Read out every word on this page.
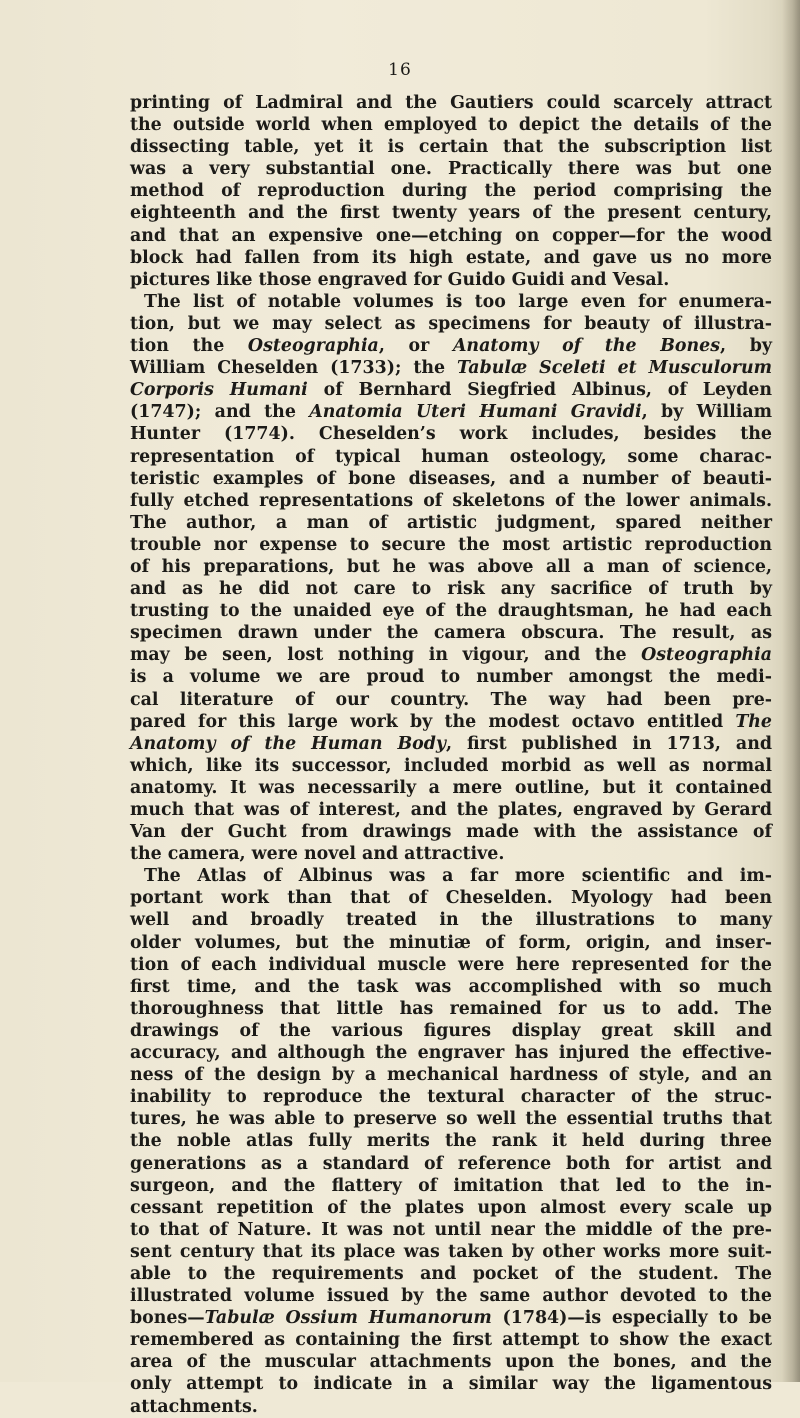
16
printing of Ladmiral and the Gautiers could scarcely attract
the outside world when employed to depict the details of the
dissecting table, yet it is certain that the subscription list
was a very substantial one. Practically there was but one
method of reproduction during the period comprising the
eighteenth and the first twenty years of the present century,
and that an expensive one—etching on copper—for the wood
block had fallen from its high estate, and gave us no more
pictures like those engraved for Guido Guidi and Vesal.
The list of notable volumes is too large even for enumera-
tion, but we may select as specimens for beauty of illustra-
tion the Osteographia, or Anatomy of the Bones, by
William Cheselden (1733); the Tabulæ Sceleti et Musculorum
Corporis Humani of Bernhard Siegfried Albinus, of Leyden
(1747); and the Anatomia Uteri Humani Gravidi, by William
Hunter (1774). Cheselden’s work includes, besides the
representation of typical human osteology, some charac-
teristic examples of bone diseases, and a number of beauti-
fully etched representations of skeletons of the lower animals.
The author, a man of artistic judgment, spared neither
trouble nor expense to secure the most artistic reproduction
of his preparations, but he was above all a man of science,
and as he did not care to risk any sacrifice of truth by
trusting to the unaided eye of the draughtsman, he had each
specimen drawn under the camera obscura. The result, as
may be seen, lost nothing in vigour, and the Osteographia
is a volume we are proud to number amongst the medi-
cal literature of our country. The way had been pre-
pared for this large work by the modest octavo entitled The
Anatomy of the Human Body, first published in 1713, and
which, like its successor, included morbid as well as normal
anatomy. It was necessarily a mere outline, but it contained
much that was of interest, and the plates, engraved by Gerard
Van der Gucht from drawings made with the assistance of
the camera, were novel and attractive.
The Atlas of Albinus was a far more scientific and im-
portant work than that of Cheselden. Myology had been
well and broadly treated in the illustrations to many
older volumes, but the minutiæ of form, origin, and inser-
tion of each individual muscle were here represented for the
first time, and the task was accomplished with so much
thoroughness that little has remained for us to add. The
drawings of the various figures display great skill and
accuracy, and although the engraver has injured the effective-
ness of the design by a mechanical hardness of style, and an
inability to reproduce the textural character of the struc-
tures, he was able to preserve so well the essential truths that
the noble atlas fully merits the rank it held during three
generations as a standard of reference both for artist and
surgeon, and the flattery of imitation that led to the in-
cessant repetition of the plates upon almost every scale up
to that of Nature. It was not until near the middle of the pre-
sent century that its place was taken by other works more suit-
able to the requirements and pocket of the student. The
illustrated volume issued by the same author devoted to the
bones—Tabulæ Ossium Humanorum (1784)—is especially to be
remembered as containing the first attempt to show the exact
area of the muscular attachments upon the bones, and the
only attempt to indicate in a similar way the ligamentous
attachments.
